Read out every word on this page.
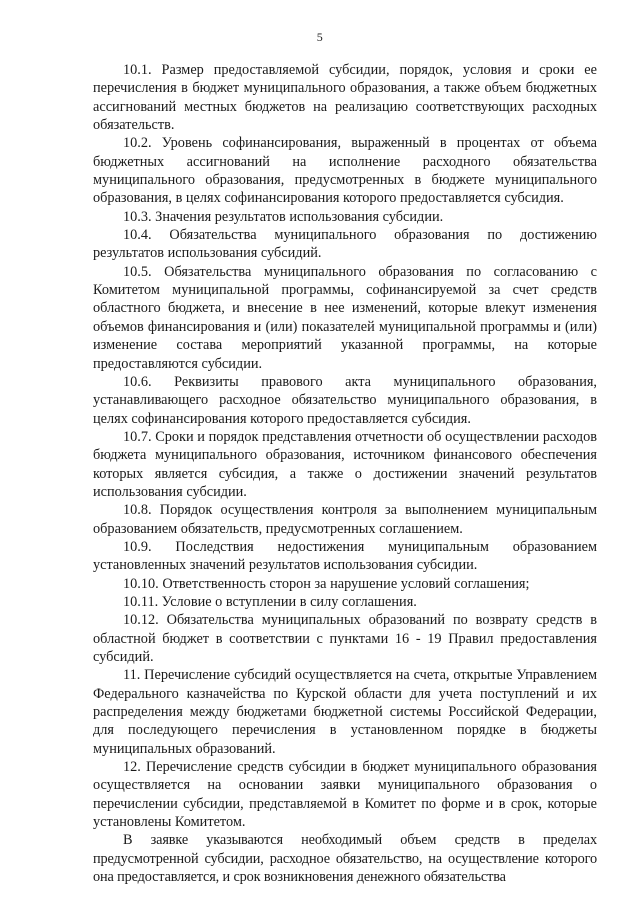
5

10.1. Размер предоставляемой субсидии, порядок, условия и сроки ее перечисления в бюджет муниципального образования, а также объем бюджетных ассигнований местных бюджетов на реализацию соответствующих расходных обязательств.

10.2. Уровень софинансирования, выраженный в процентах от объема бюджетных ассигнований на исполнение расходного обязательства муниципального образования, предусмотренных в бюджете муниципального образования, в целях софинансирования которого предоставляется субсидия.

10.3. Значения результатов использования субсидии.

10.4. Обязательства муниципального образования по достижению результатов использования субсидий.

10.5. Обязательства муниципального образования по согласованию с Комитетом муниципальной программы, софинансируемой за счет средств областного бюджета, и внесение в нее изменений, которые влекут изменения объемов финансирования и (или) показателей муниципальной программы и (или) изменение состава мероприятий указанной программы, на которые предоставляются субсидии.

10.6. Реквизиты правового акта муниципального образования, устанавливающего расходное обязательство муниципального образования, в целях софинансирования которого предоставляется субсидия.

10.7. Сроки и порядок представления отчетности об осуществлении расходов бюджета муниципального образования, источником финансового обеспечения которых является субсидия, а также о достижении значений результатов использования субсидии.

10.8. Порядок осуществления контроля за выполнением муниципальным образованием обязательств, предусмотренных соглашением.

10.9. Последствия недостижения муниципальным образованием установленных значений результатов использования субсидии.

10.10. Ответственность сторон за нарушение условий соглашения;

10.11. Условие о вступлении в силу соглашения.

10.12. Обязательства муниципальных образований по возврату средств в областной бюджет в соответствии с пунктами 16 - 19 Правил предоставления субсидий.

11. Перечисление субсидий осуществляется на счета, открытые Управлением Федерального казначейства по Курской области для учета поступлений и их распределения между бюджетами бюджетной системы Российской Федерации, для последующего перечисления в установленном порядке в бюджеты муниципальных образований.

12. Перечисление средств субсидии в бюджет муниципального образования осуществляется на основании заявки муниципального образования о перечислении субсидии, представляемой в Комитет по форме и в срок, которые установлены Комитетом.

В заявке указываются необходимый объем средств в пределах предусмотренной субсидии, расходное обязательство, на осуществление которого она предоставляется, и срок возникновения денежного обязательства
